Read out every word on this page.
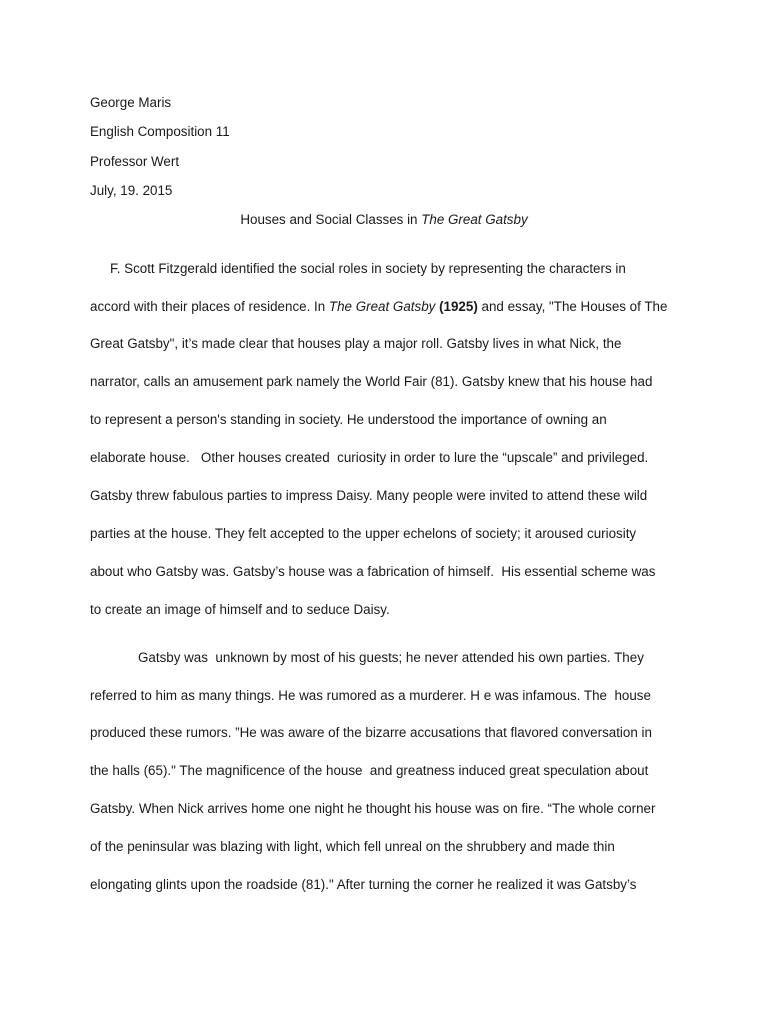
George Maris
English Composition 11
Professor Wert
July, 19. 2015
Houses and Social Classes in The Great Gatsby
F. Scott Fitzgerald identified the social roles in society by representing the characters in
accord with their places of residence. In The Great Gatsby (1925) and essay, "The Houses of The
Great Gatsby", it’s made clear that houses play a major roll. Gatsby lives in what Nick, the
narrator, calls an amusement park namely the World Fair (81). Gatsby knew that his house had
to represent a person's standing in society. He understood the importance of owning an
elaborate house.   Other houses created  curiosity in order to lure the “upscale” and privileged.
Gatsby threw fabulous parties to impress Daisy. Many people were invited to attend these wild
parties at the house. They felt accepted to the upper echelons of society; it aroused curiosity
about who Gatsby was. Gatsby’s house was a fabrication of himself.  His essential scheme was
to create an image of himself and to seduce Daisy.
Gatsby was  unknown by most of his guests; he never attended his own parties. They
referred to him as many things. He was rumored as a murderer. H e was infamous. The  house
produced these rumors. ”He was aware of the bizarre accusations that flavored conversation in
the halls (65)." The magnificence of the house  and greatness induced great speculation about
Gatsby. When Nick arrives home one night he thought his house was on fire. “The whole corner
of the peninsular was blazing with light, which fell unreal on the shrubbery and made thin
elongating glints upon the roadside (81)." After turning the corner he realized it was Gatsby’s
